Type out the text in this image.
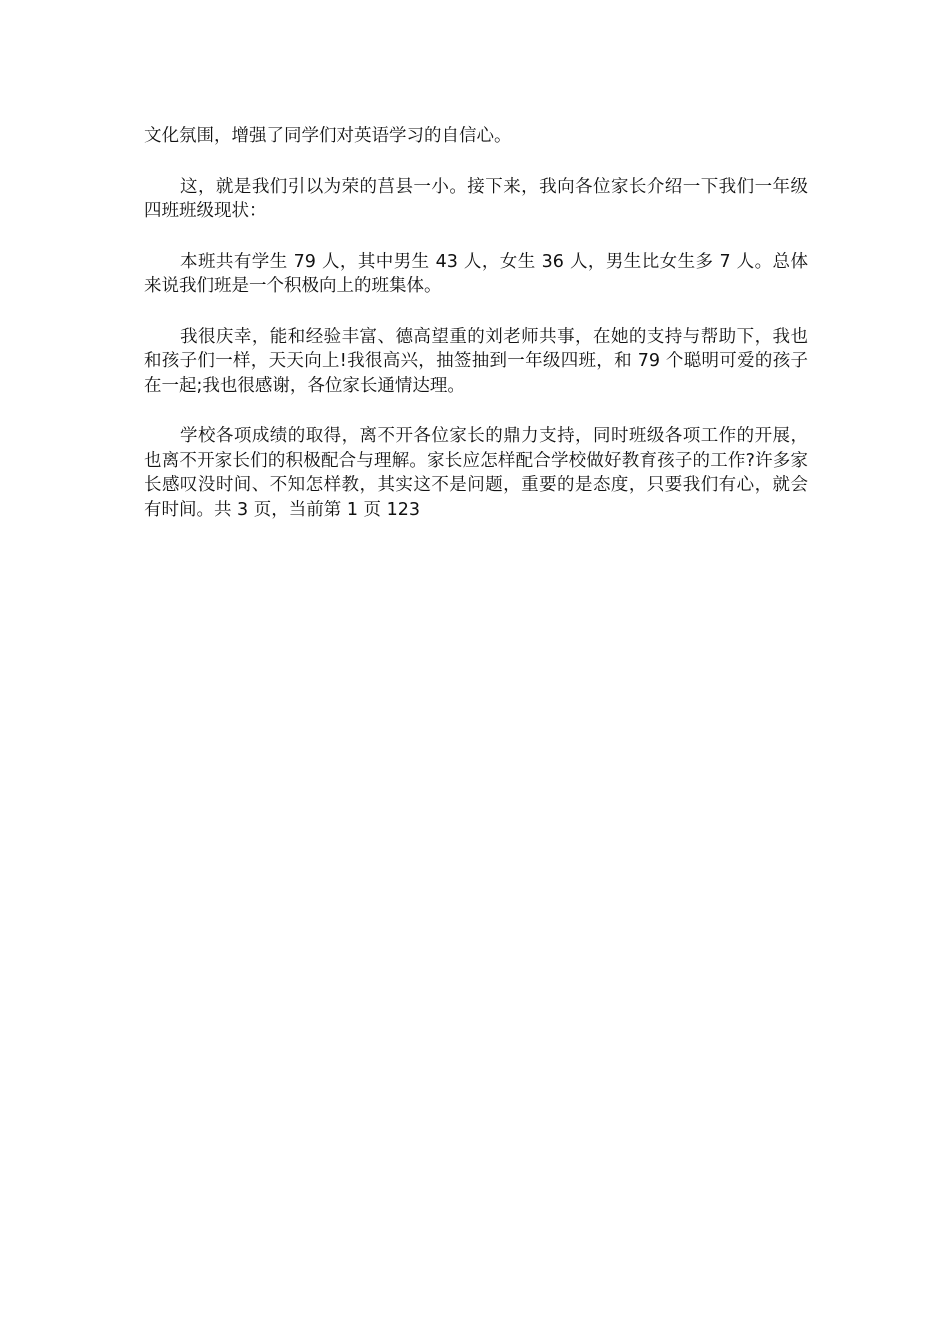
文化氛围，增强了同学们对英语学习的自信心。

这，就是我们引以为荣的莒县一小。接下来，我向各位家长介绍一下我们一年级四班班级现状：

本班共有学生 79 人，其中男生 43 人，女生 36 人，男生比女生多 7 人。总体来说我们班是一个积极向上的班集体。

我很庆幸，能和经验丰富、德高望重的刘老师共事，在她的支持与帮助下，我也和孩子们一样，天天向上!我很高兴，抽签抽到一年级四班，和 79 个聪明可爱的孩子在一起;我也很感谢，各位家长通情达理。

学校各项成绩的取得，离不开各位家长的鼎力支持，同时班级各项工作的开展，也离不开家长们的积极配合与理解。家长应怎样配合学校做好教育孩子的工作?许多家长感叹没时间、不知怎样教，其实这不是问题，重要的是态度，只要我们有心，就会有时间。共 3 页，当前第 1 页 123
